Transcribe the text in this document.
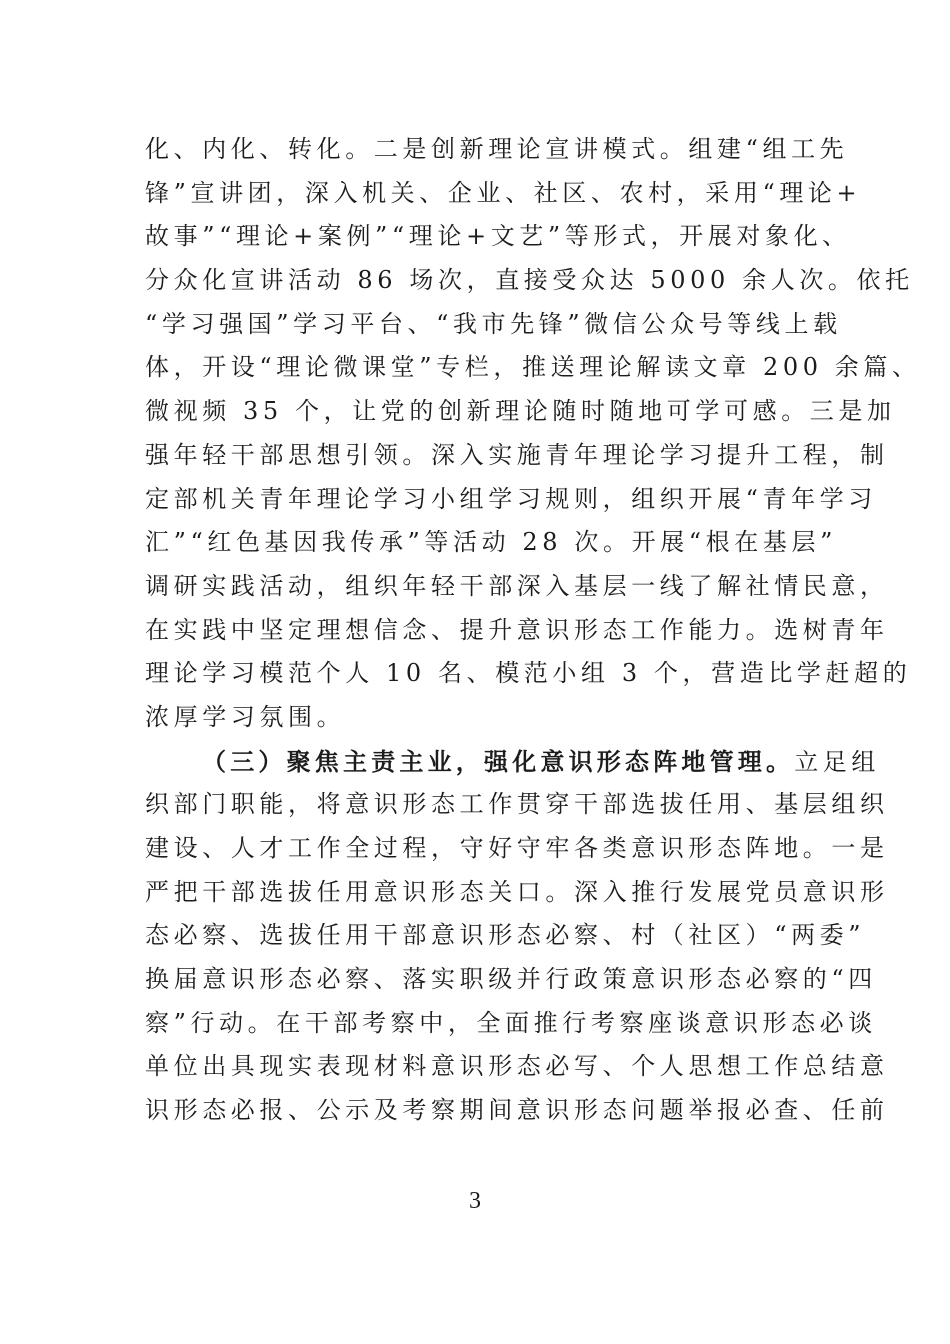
化、内化、转化。二是创新理论宣讲模式。组建“组工先
锋”宣讲团，深入机关、企业、社区、农村，采用“理论+
故事”“理论+案例”“理论+文艺”等形式，开展对象化、
分众化宣讲活动 86 场次，直接受众达 5000 余人次。依托
“学习强国”学习平台、“我市先锋”微信公众号等线上载
体，开设“理论微课堂”专栏，推送理论解读文章 200 余篇、
微视频 35 个，让党的创新理论随时随地可学可感。三是加
强年轻干部思想引领。深入实施青年理论学习提升工程，制
定部机关青年理论学习小组学习规则，组织开展“青年学习
汇”“红色基因我传承”等活动 28 次。开展“根在基层”
调研实践活动，组织年轻干部深入基层一线了解社情民意，
在实践中坚定理想信念、提升意识形态工作能力。选树青年
理论学习模范个人 10 名、模范小组 3 个，营造比学赶超的
浓厚学习氛围。
（三）聚焦主责主业，强化意识形态阵地管理。立足组
织部门职能，将意识形态工作贯穿干部选拔任用、基层组织
建设、人才工作全过程，守好守牢各类意识形态阵地。一是
严把干部选拔任用意识形态关口。深入推行发展党员意识形
态必察、选拔任用干部意识形态必察、村（社区）“两委”
换届意识形态必察、落实职级并行政策意识形态必察的“四
察”行动。在干部考察中，全面推行考察座谈意识形态必谈
单位出具现实表现材料意识形态必写、个人思想工作总结意
识形态必报、公示及考察期间意识形态问题举报必查、任前
3
